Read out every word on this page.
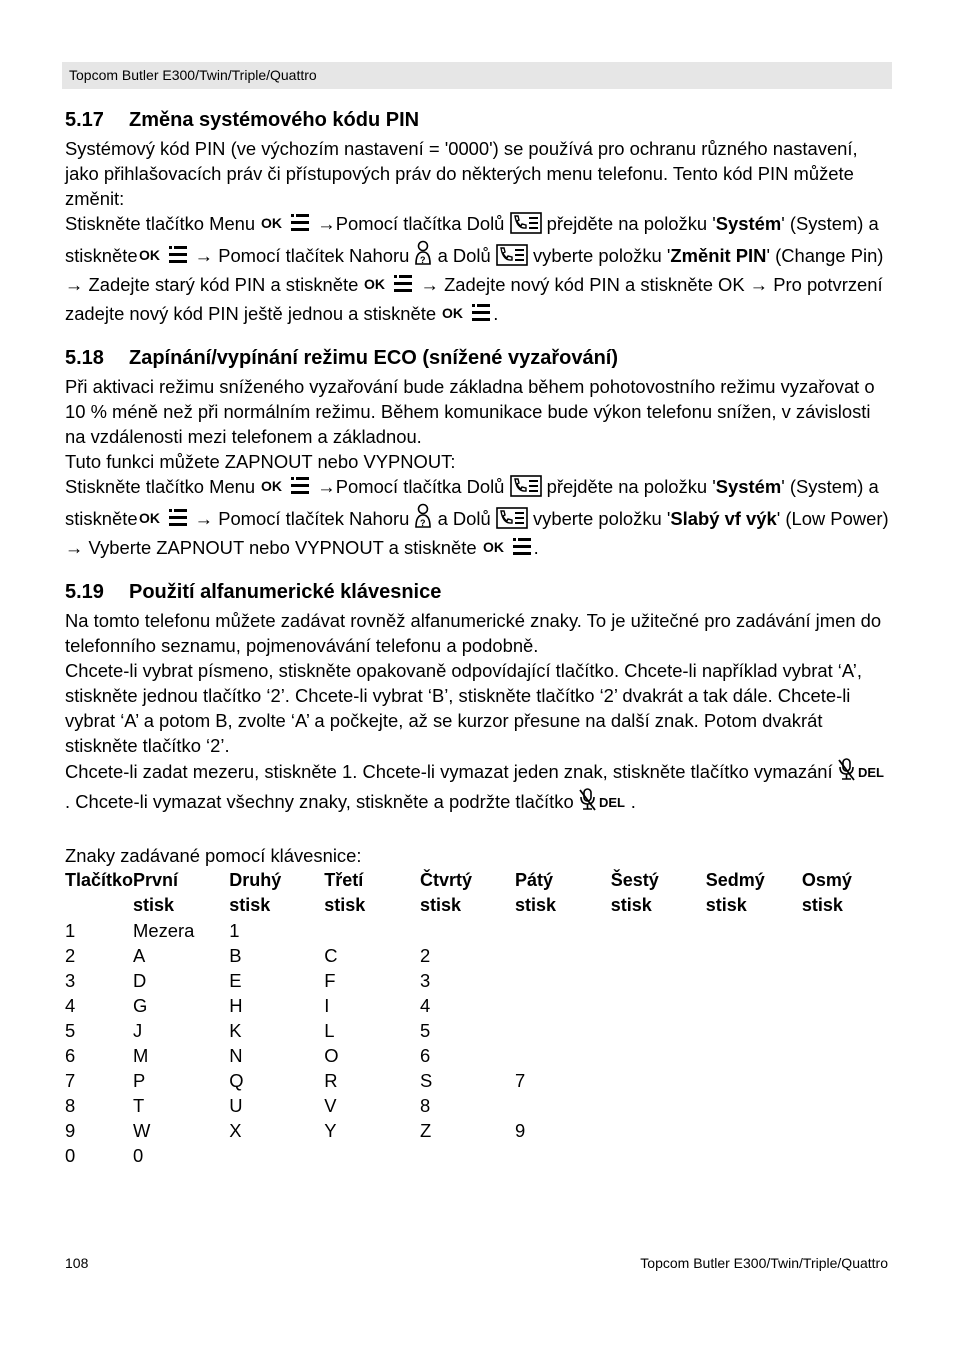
Topcom Butler E300/Twin/Triple/Quattro
5.17 Změna systémového kódu PIN

Systémový kód PIN (ve výchozím nastavení = '0000') se používá pro ochranu různého nastavení, jako přihlašovacích práv či přístupových práv do některých menu telefonu. Tento kód PIN můžete změnit:

Stiskněte tlačítko Menu OK →Pomocí tlačítka Dolů  přejděte na položku 'Systém' (System) a stiskněte OK → Pomocí tlačítek Nahoru ? a Dolů  vyberte položku 'Změnit PIN' (Change Pin) → Zadejte starý kód PIN a stiskněte OK → Zadejte nový kód PIN a stiskněte OK → Pro potvrzení zadejte nový kód PIN ještě jednou a stiskněte OK .

5.18 Zapínání/vypínání režimu ECO (snížené vyzařování)

Při aktivaci režimu sníženého vyzařování bude základna během pohotovostního režimu vyzařovat o 10 % méně než při normálním režimu. Během komunikace bude výkon telefonu snížen, v závislosti na vzdálenosti mezi telefonem a základnou.

Tuto funkci můžete ZAPNOUT nebo VYPNOUT:

Stiskněte tlačítko Menu OK →Pomocí tlačítka Dolů  přejděte na položku 'Systém' (System) a stiskněte OK → Pomocí tlačítek Nahoru ? a Dolů  vyberte položku 'Slabý vf výk' (Low Power) → Vyberte ZAPNOUT nebo VYPNOUT a stiskněte OK .

5.19 Použití alfanumerické klávesnice

Na tomto telefonu můžete zadávat rovněž alfanumerické znaky. To je užitečné pro zadávání jmen do telefonního seznamu, pojmenovávání telefonu a podobně.

Chcete-li vybrat písmeno, stiskněte opakovaně odpovídající tlačítko. Chcete-li například vybrat ‘A’, stiskněte jednou tlačítko ‘2’. Chcete-li vybrat ‘B’, stiskněte tlačítko ‘2’ dvakrát a tak dále. Chcete-li vybrat ‘A’ a potom B, zvolte ‘A’ a počkejte, až se kurzor přesune na další znak. Potom dvakrát stiskněte tlačítko ‘2’.

Chcete-li zadat mezeru, stiskněte 1. Chcete-li vymazat jeden znak, stiskněte tlačítko vymazání DEL
. Chcete-li vymazat všechny znaky, stiskněte a podržte tlačítko DEL .

Znaky zadávané pomocí klávesnice:

Tlačítko	První	Druhý	Třetí	Čtvrtý	Pátý	Šestý	Sedmý	Osmý
	stisk	stisk	stisk	stisk	stisk	stisk	stisk	stisk
1	Mezera	1						
2	A	B	C	2				
3	D	E	F	3				
4	G	H	I	4				
5	J	K	L	5				
6	M	N	O	6				
7	P	Q	R	S	7			
8	T	U	V	8				
9	W	X	Y	Z	9			
0	0							
108	Topcom Butler E300/Twin/Triple/Quattro
